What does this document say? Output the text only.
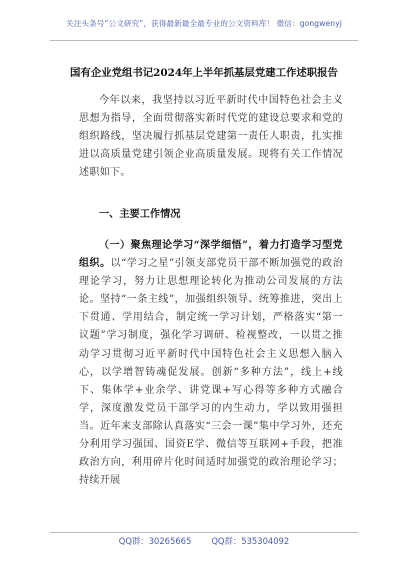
关注头条号“公文研究”，获得最新最全最专业的公文资料库！ 微信：gongwenyj
国有企业党组书记2024年上半年抓基层党建工作述职报告

今年以来，我坚持以习近平新时代中国特色社会主义思想为指导，全面贯彻落实新时代党的建设总要求和党的组织路线，坚决履行抓基层党建第一责任人职责，扎实推进以高质量党建引领企业高质量发展。现将有关工作情况述职如下。

一、主要工作情况

（一）聚焦理论学习“深学细悟”，着力打造学习型党组织。以“学习之星”引领支部党员干部不断加强党的政治理论学习，努力让思想理论转化为推动公司发展的方法论。坚持“一条主线”，加强组织领导、统筹推进，突出上下贯通、学用结合，制定统一学习计划，严格落实“第一议题”学习制度，强化学习调研、检视整改，一以贯之推动学习贯彻习近平新时代中国特色社会主义思想入脑入心，以学增智铸魂促发展。创新“多种方法”，线上+线下、集体学+业余学、讲党课+写心得等多种方式融合学，深度激发党员干部学习的内生动力，学以致用强担当。近年来支部除认真落实“三会一课”集中学习外，还充分利用学习强国、国资E学、微信等互联网+手段，把准政治方向，利用碎片化时间适时加强党的政治理论学习；持续开展

QQ群：30265665 QQ群：535304092
